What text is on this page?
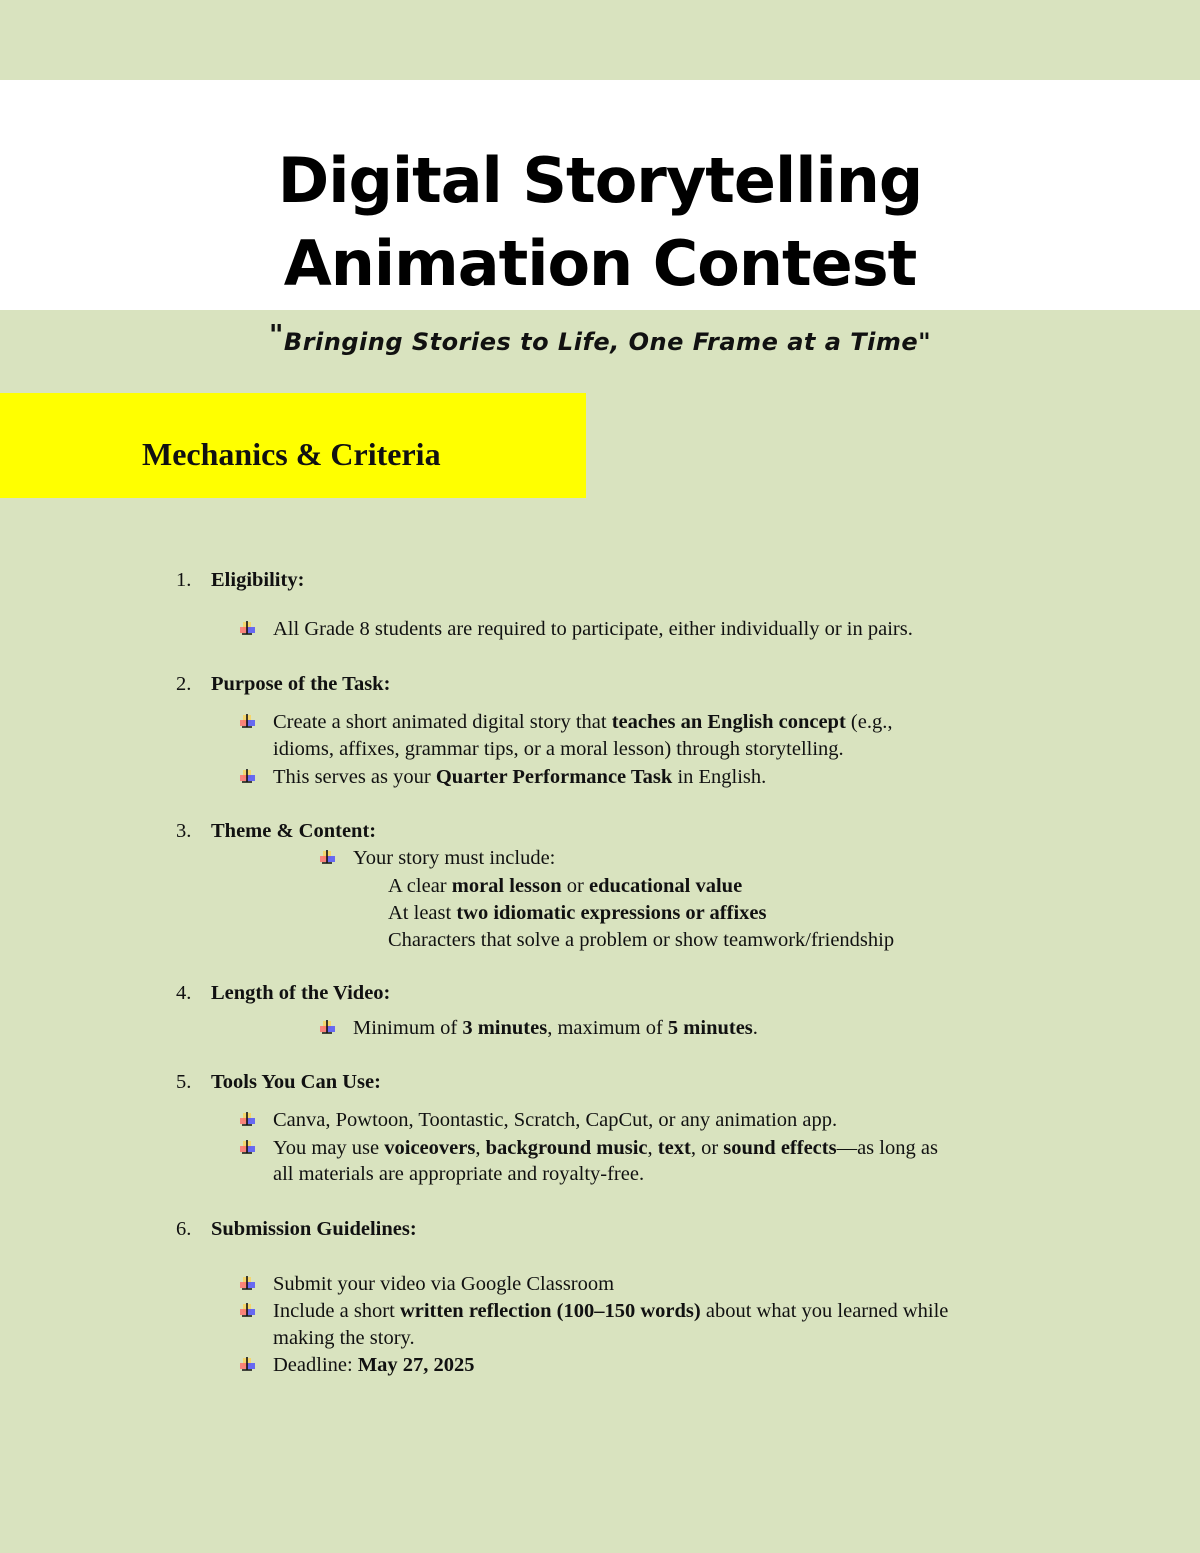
Digital Storytelling
Animation Contest
"Bringing Stories to Life, One Frame at a Time"
Mechanics & Criteria
1. Eligibility:
All Grade 8 students are required to participate, either individually or in pairs.
2. Purpose of the Task:
Create a short animated digital story that teaches an English concept (e.g.,
idioms, affixes, grammar tips, or a moral lesson) through storytelling.
This serves as your Quarter Performance Task in English.
3. Theme & Content:
Your story must include:
A clear moral lesson or educational value
At least two idiomatic expressions or affixes
Characters that solve a problem or show teamwork/friendship
4. Length of the Video:
Minimum of 3 minutes, maximum of 5 minutes.
5. Tools You Can Use:
Canva, Powtoon, Toontastic, Scratch, CapCut, or any animation app.
You may use voiceovers, background music, text, or sound effects—as long as
all materials are appropriate and royalty-free.
6. Submission Guidelines:
Submit your video via Google Classroom
Include a short written reflection (100–150 words) about what you learned while
making the story.
Deadline: May 27, 2025
